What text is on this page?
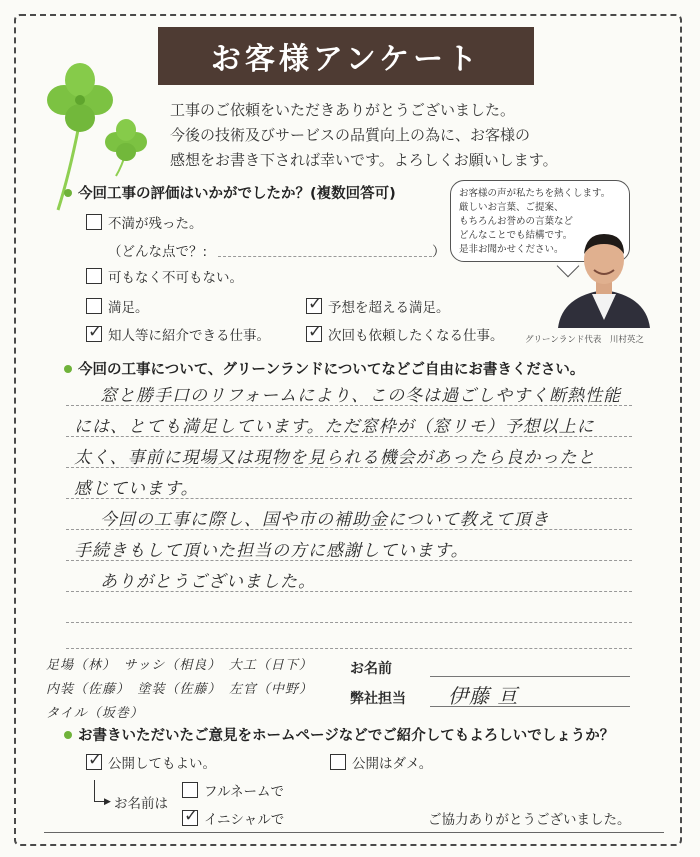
お客様アンケート
工事のご依頼をいただきありがとうございました。
今後の技術及びサービスの品質向上の為に、お客様の
感想をお書き下されば幸いです。よろしくお願いします。
今回工事の評価はいかがでしたか？(複数回答可)
不満が残った。
（どんな点で？:	）
可もなく不可もない。
満足。	✓ 予想を超える満足。
✓ 知人等に紹介できる仕事。 ✓ 次回も依頼したくなる仕事。
お客様の声が私たちを熱くします。
厳しいお言葉、ご提案、
もちろんお誉めの言葉など
どんなことでも結構です。
是非お聞かせください。
グリーンランド代表　川村英之
今回の工事について、グリーンランドについてなどご自由にお書きください。
窓と勝手口のリフォームにより、この冬は過ごしやすく断熱性能
には、とても満足しています。ただ窓枠が（窓リモ）予想以上に
太く、事前に現場又は現物を見られる機会があったら良かったと
感じています。
今回の工事に際し、国や市の補助金について教えて頂き
手続きもして頂いた担当の方に感謝しています。
ありがとうございました。
足場（林）　サッシ（相良）　大工（日下）
内装（佐藤）　塗装（佐藤）　左官（中野）
タイル（坂巻）
お名前
弊社担当 伊藤 亘
お書きいただいたご意見をホームページなどでご紹介してもよろしいでしょうか？
✓ 公開してもよい。	公開はダメ。
▶ お名前は
フルネームで
✓ イニシャルで	ご協力ありがとうございました。
